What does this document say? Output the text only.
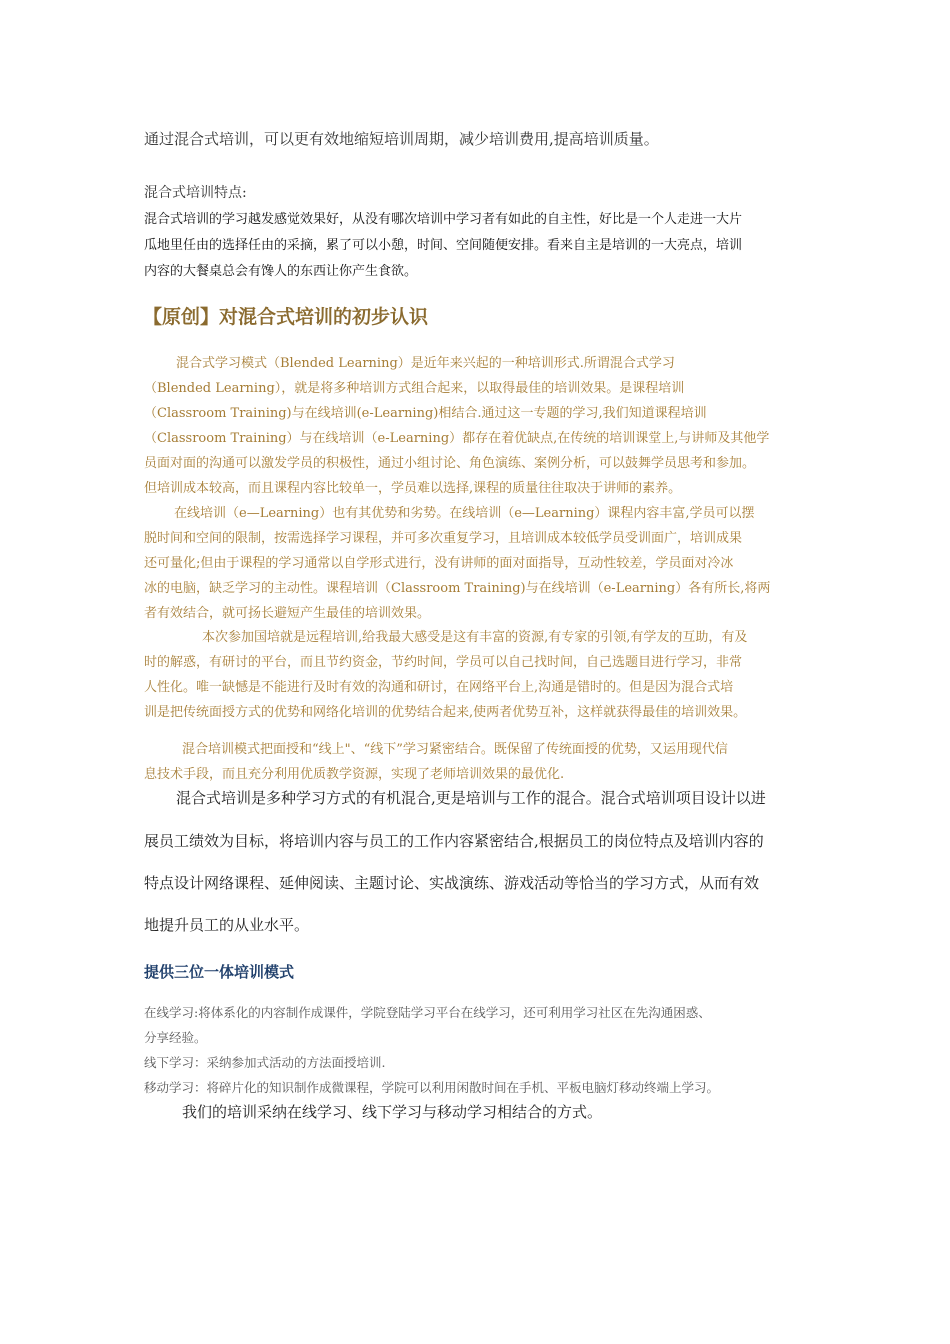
通过混合式培训，可以更有效地缩短培训周期，减少培训费用,提高培训质量。

混合式培训特点:

混合式培训的学习越发感觉效果好，从没有哪次培训中学习者有如此的自主性，好比是一个人走进一大片

瓜地里任由的选择任由的采摘，累了可以小憩，时间、空间随便安排。看来自主是培训的一大亮点，培训

内容的大餐桌总会有馋人的东西让你产生食欲。

【原创】对混合式培训的初步认识

混合式学习模式（Blended Learning）是近年来兴起的一种培训形式.所谓混合式学习

（Blended Learning），就是将多种培训方式组合起来，以取得最佳的培训效果。是课程培训

（Classroom Training)与在线培训(e-Learning)相结合.通过这一专题的学习,我们知道课程培训

（Classroom Training）与在线培训（e-Learning）都存在着优缺点,在传统的培训课堂上,与讲师及其他学

员面对面的沟通可以激发学员的积极性，通过小组讨论、角色演练、案例分析，可以鼓舞学员思考和参加。

但培训成本较高，而且课程内容比较单一，学员难以选择,课程的质量往往取决于讲师的素养。

在线培训（e—Learning）也有其优势和劣势。在线培训（e—Learning）课程内容丰富,学员可以摆

脱时间和空间的限制，按需选择学习课程，并可多次重复学习，且培训成本较低学员受训面广，培训成果

还可量化;但由于课程的学习通常以自学形式进行，没有讲师的面对面指导，互动性较差，学员面对冷冰

冰的电脑，缺乏学习的主动性。课程培训（Classroom Training)与在线培训（e-Learning）各有所长,将两

者有效结合，就可扬长避短产生最佳的培训效果。

本次参加国培就是远程培训,给我最大感受是这有丰富的资源,有专家的引领,有学友的互助，有及

时的解惑，有研讨的平台，而且节约资金，节约时间，学员可以自己找时间，自己选题目进行学习，非常

人性化。唯一缺憾是不能进行及时有效的沟通和研讨，在网络平台上,沟通是错时的。但是因为混合式培

训是把传统面授方式的优势和网络化培训的优势结合起来,使两者优势互补，这样就获得最佳的培训效果。

混合培训模式把面授和“线上"、“线下”学习紧密结合。既保留了传统面授的优势，又运用现代信

息技术手段，而且充分利用优质教学资源，实现了老师培训效果的最优化.

混合式培训是多种学习方式的有机混合,更是培训与工作的混合。混合式培训项目设计以进

展员工绩效为目标，将培训内容与员工的工作内容紧密结合,根据员工的岗位特点及培训内容的

特点设计网络课程、延伸阅读、主题讨论、实战演练、游戏活动等恰当的学习方式，从而有效

地提升员工的从业水平。

提供三位一体培训模式

在线学习:将体系化的内容制作成课件，学院登陆学习平台在线学习，还可利用学习社区在先沟通困惑、

分享经验。

线下学习：采纳参加式活动的方法面授培训.

移动学习：将碎片化的知识制作成微课程，学院可以利用闲散时间在手机、平板电脑灯移动终端上学习。

我们的培训采纳在线学习、线下学习与移动学习相结合的方式。
